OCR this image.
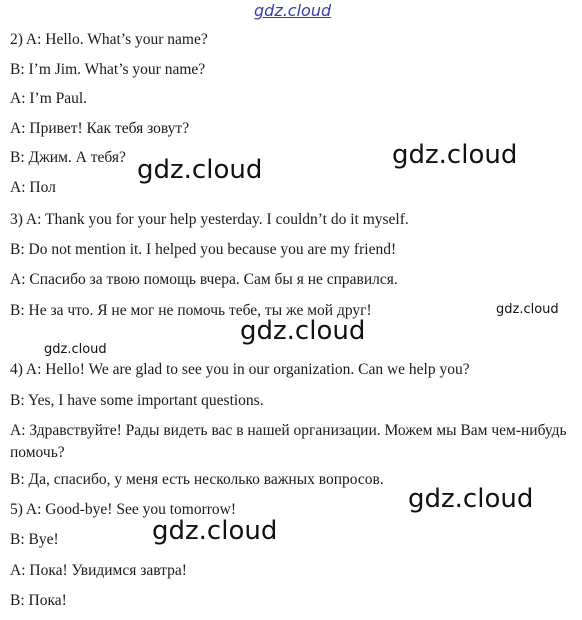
gdz.cloud
gdz.cloud
gdz.cloud
gdz.cloud
gdz.cloud
gdz.cloud
gdz.cloud
gdz.cloud
2) A: Hello. What’s your name?
B: I’m Jim. What’s your name?
A: I’m Paul.
А: Привет! Как тебя зовут?
В: Джим. А тебя?
А: Пол
3) A: Thank you for your help yesterday. I couldn’t do it myself.
B: Do not mention it. I helped you because you are my friend!
А: Спасибо за твою помощь вчера. Сам бы я не справился.
В: Не за что. Я не мог не помочь тебе, ты же мой друг!
4) A: Hello! We are glad to see you in our organization. Can we help you?
B: Yes, I have some important questions.
А: Здравствуйте! Рады видеть вас в нашей организации. Можем мы Вам чем-нибудь помочь?
В: Да, спасибо, у меня есть несколько важных вопросов.
5) A: Good-bye! See you tomorrow!
B: Bye!
А: Пока! Увидимся завтра!
В: Пока!
